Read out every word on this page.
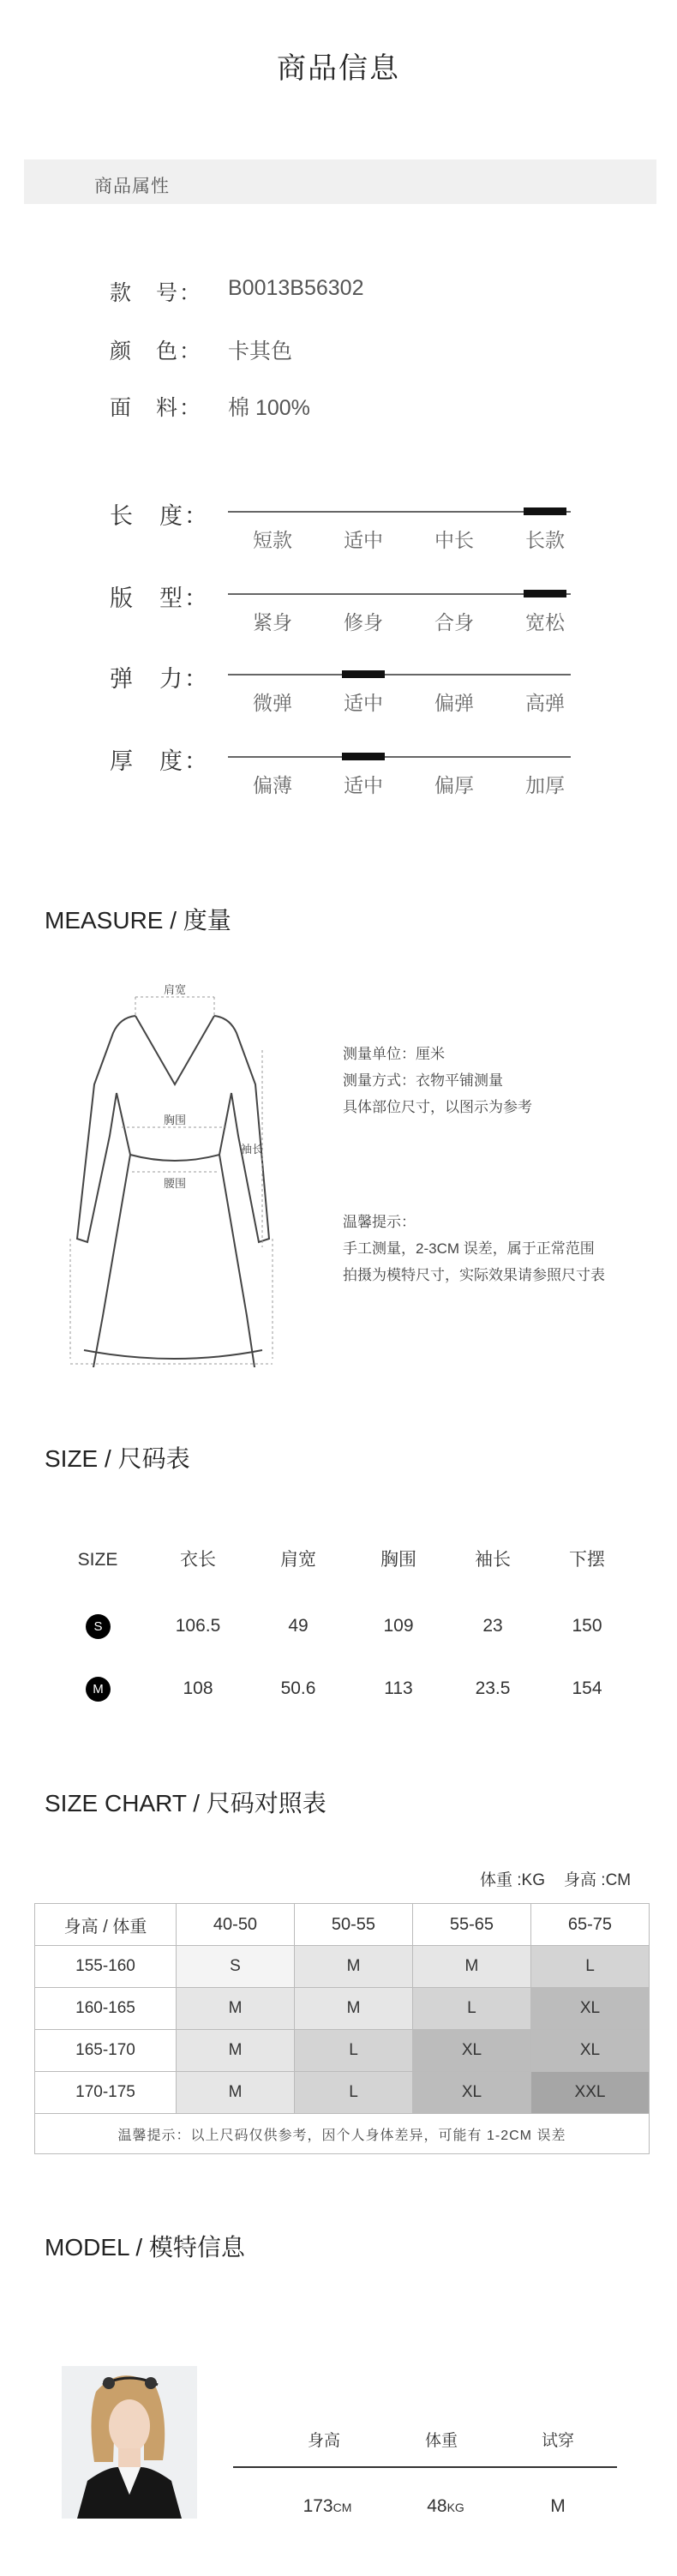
商品信息
商品属性
款　号：	B0013B56302
颜　色：	卡其色
面　料：	棉 100%
长　度：
短款	适中	中长	长款
版　型：
紧身	修身	合身	宽松
弹　力：
微弹	适中	偏弹	高弹
厚　度：
偏薄	适中	偏厚	加厚
MEASURE / 度量
肩宽
胸围
腰围
袖长
测量单位：厘米
测量方式：衣物平铺测量
具体部位尺寸，以图示为参考
温馨提示：
手工测量，2-3CM 误差，属于正常范围
拍摄为模特尺寸，实际效果请参照尺寸表
SIZE / 尺码表
SIZE	衣长	肩宽	胸围	袖长	下摆
S	106.5	49	109	23	150
M	108	50.6	113	23.5	154
SIZE CHART / 尺码对照表
体重 :KG 身高 :CM
身高 / 体重	40-50	50-55	55-65	65-75
155-160	S	M	M	L
160-165	M	M	L	XL
165-170	M	L	XL	XL
170-175	M	L	XL	XXL
温馨提示：以上尺码仅供参考，因个人身体差异，可能有 1-2CM 误差				
MODEL / 模特信息
身高	体重	试穿
173CM	48KG	M
